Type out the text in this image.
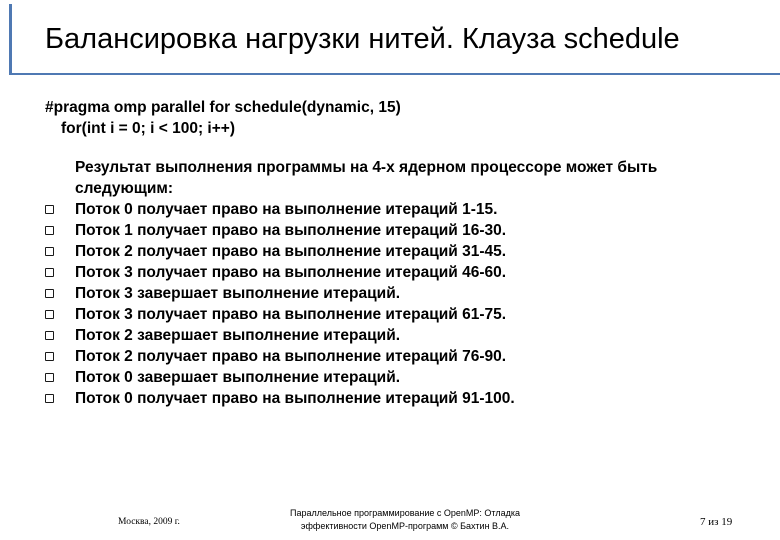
Балансировка нагрузки нитей. Клауза schedule
#pragma omp parallel for schedule(dynamic, 15)
for(int i = 0; i < 100; i++)
Результат выполнения программы на 4-х ядерном процессоре может быть следующим:
Поток 0 получает право на выполнение итераций 1-15.
Поток 1 получает право на выполнение итераций 16-30.
Поток 2 получает право на выполнение итераций 31-45.
Поток 3 получает право на выполнение итераций 46-60.
Поток 3 завершает выполнение итераций.
Поток 3 получает право на выполнение итераций 61-75.
Поток 2 завершает выполнение итераций.
Поток 2 получает право на выполнение итераций 76-90.
Поток 0 завершает выполнение итераций.
Поток 0 получает право на выполнение итераций 91-100.
Москва, 2009 г.
Параллельное программирование с OpenMP: Отладка
эффективности OpenMP-программ © Бахтин В.А.	7 из 19
